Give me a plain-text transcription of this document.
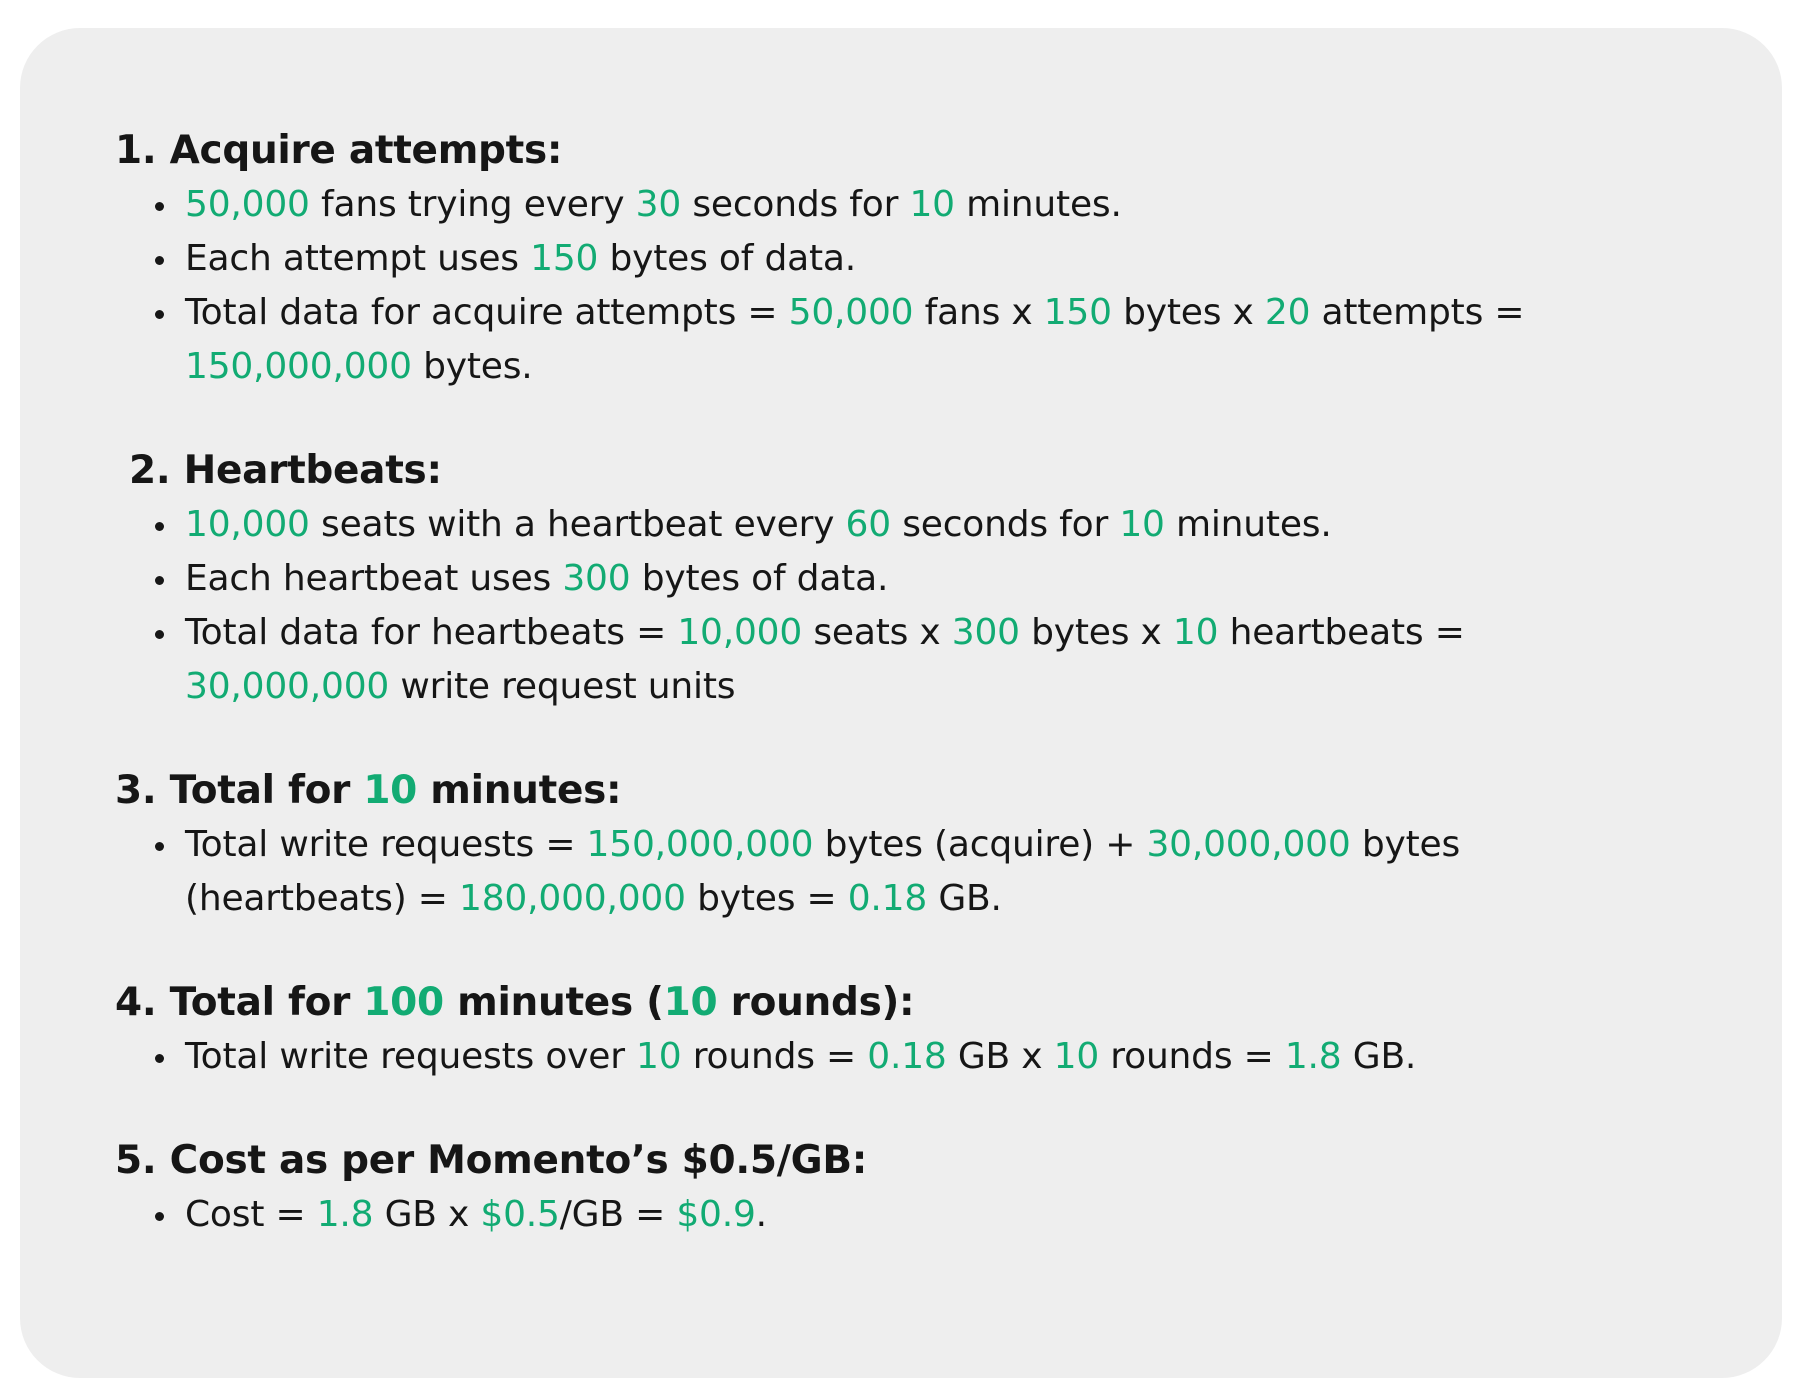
1. Acquire attempts:
50,000 fans trying every 30 seconds for 10 minutes.
Each attempt uses 150 bytes of data.
Total data for acquire attempts = 50,000 fans x 150 bytes x 20 attempts = 150,000,000 bytes.
2. Heartbeats:
10,000 seats with a heartbeat every 60 seconds for 10 minutes.
Each heartbeat uses 300 bytes of data.
Total data for heartbeats = 10,000 seats x 300 bytes x 10 heartbeats = 30,000,000 write request units
3. Total for 10 minutes:
Total write requests = 150,000,000 bytes (acquire) + 30,000,000 bytes (heartbeats) = 180,000,000 bytes = 0.18 GB.
4. Total for 100 minutes (10 rounds):
Total write requests over 10 rounds = 0.18 GB x 10 rounds = 1.8 GB.
5. Cost as per Momento’s $0.5/GB:
Cost = 1.8 GB x $0.5/GB = $0.9.
